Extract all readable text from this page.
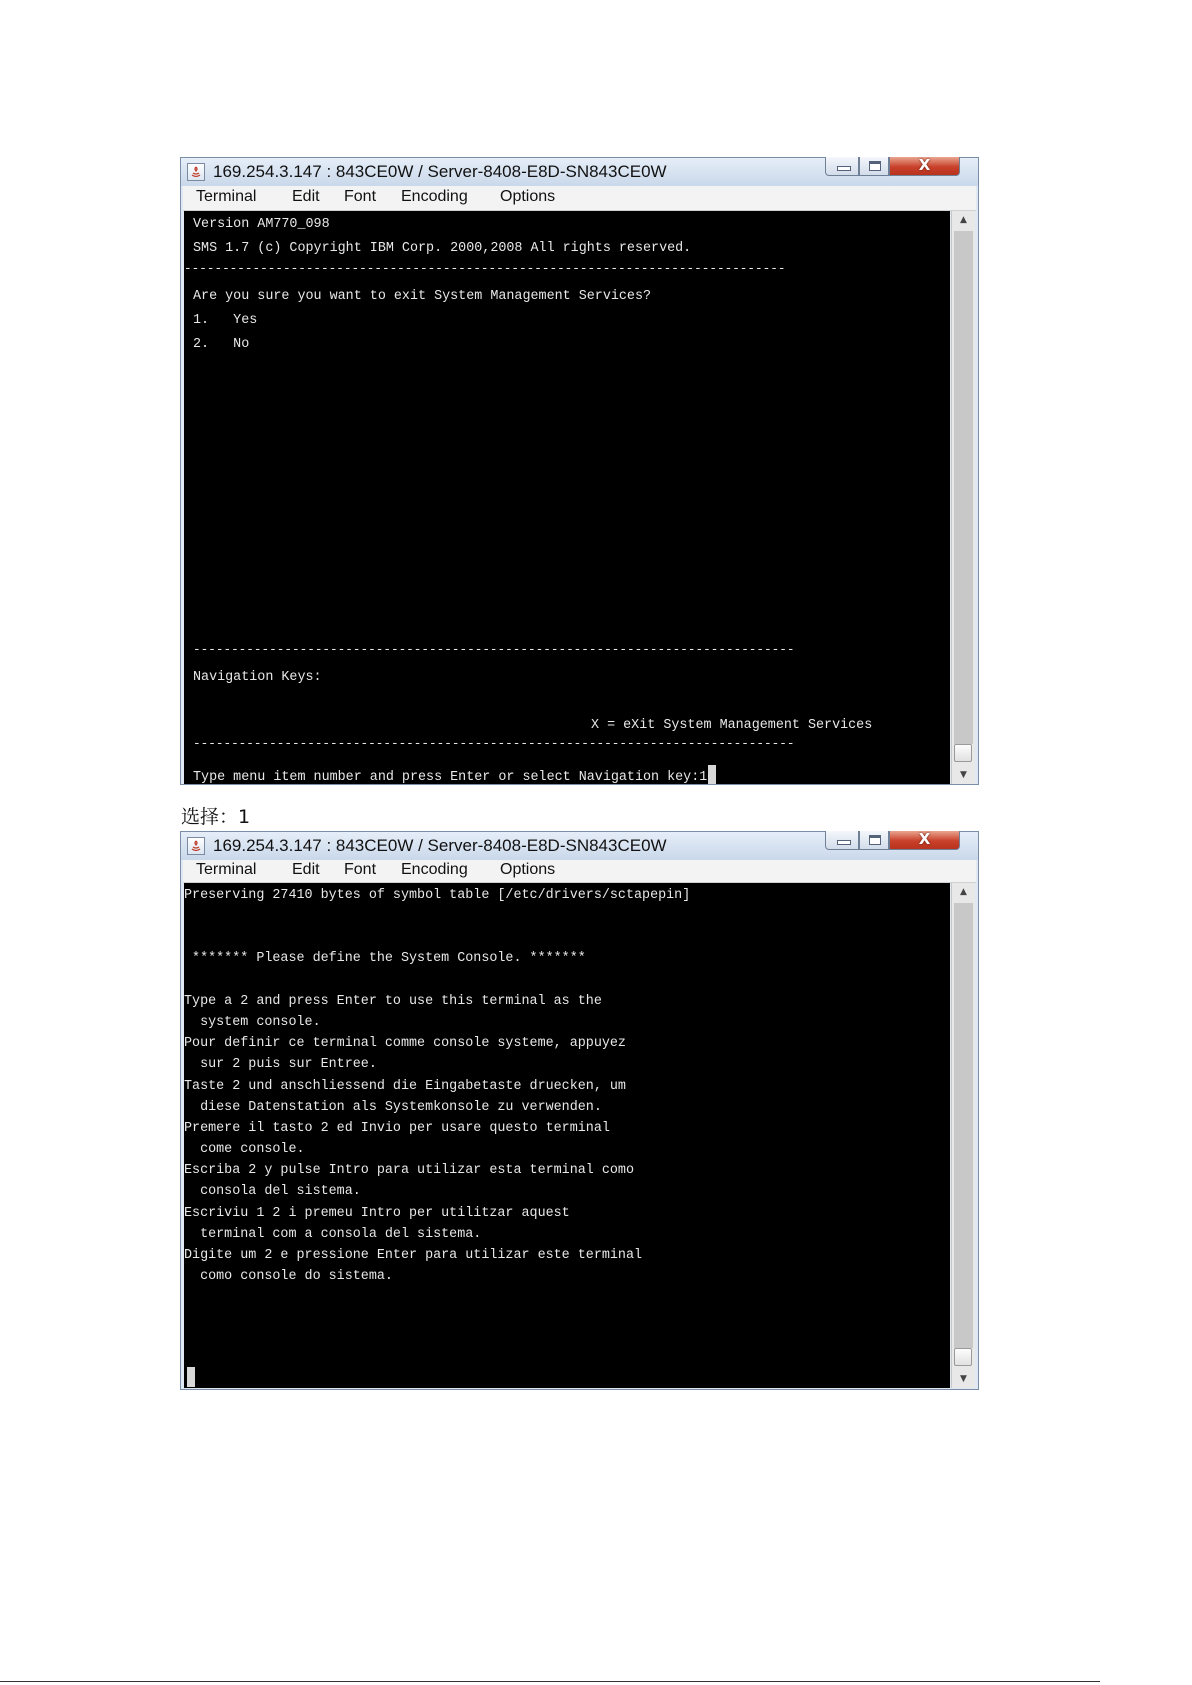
169.254.3.147 : 843CE0W / Server-8408-E8D-SN843CE0W	X
Terminal Edit Font Encoding Options
Version AM770_098
SMS 1.7 (c) Copyright IBM Corp. 2000,2008 All rights reserved.
-------------------------------------------------------------------------------
Are you sure you want to exit System Management Services?
1.   Yes
2.   No
-------------------------------------------------------------------------------
Navigation Keys:
X = eXit System Management Services
-------------------------------------------------------------------------------
Type menu item number and press Enter or select Navigation key:1
▲
▼
选择：1
169.254.3.147 : 843CE0W / Server-8408-E8D-SN843CE0W	X
Terminal Edit Font Encoding Options
Preserving 27410 bytes of symbol table [/etc/drivers/sctapepin]
******* Please define the System Console. *******
Type a 2 and press Enter to use this terminal as the
system console.
Pour definir ce terminal comme console systeme, appuyez
sur 2 puis sur Entree.
Taste 2 und anschliessend die Eingabetaste druecken, um
diese Datenstation als Systemkonsole zu verwenden.
Premere il tasto 2 ed Invio per usare questo terminal
come console.
Escriba 2 y pulse Intro para utilizar esta terminal como
consola del sistema.
Escriviu 1 2 i premeu Intro per utilitzar aquest
terminal com a consola del sistema.
Digite um 2 e pressione Enter para utilizar este terminal
como console do sistema.
▲
▼
